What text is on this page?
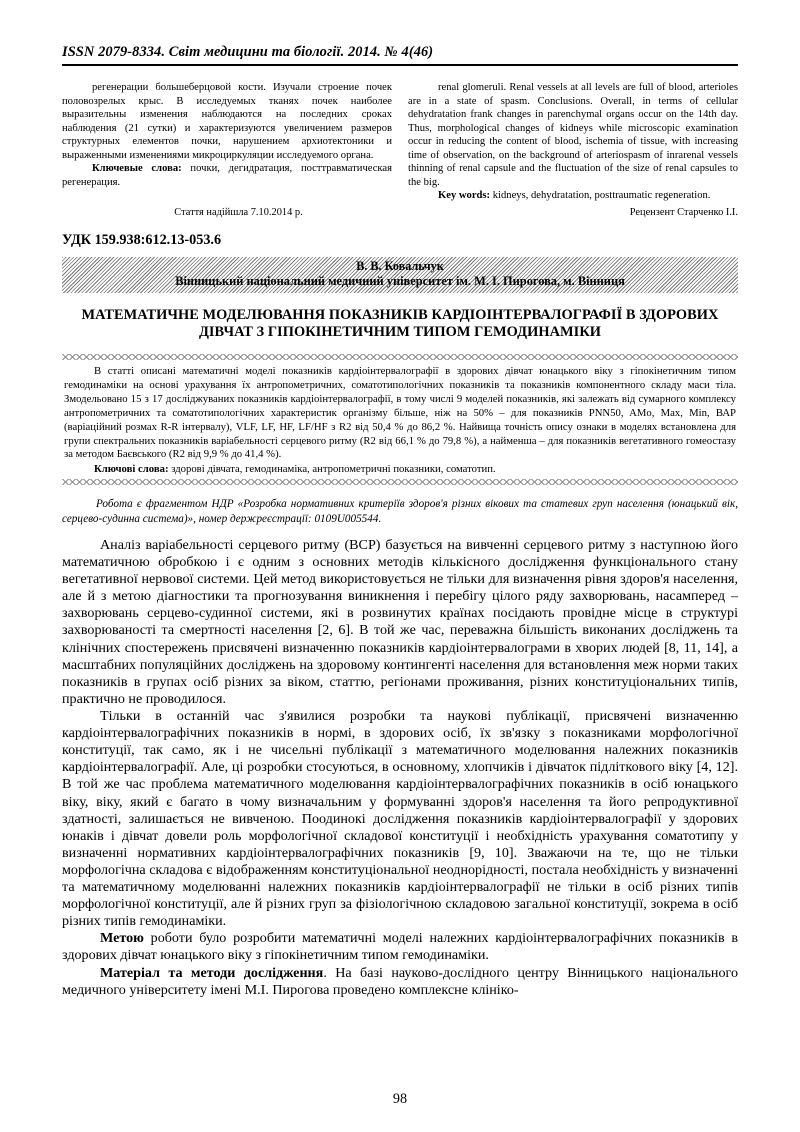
ISSN 2079-8334. Світ медицини та біології. 2014. № 4(46)

регенерации большеберцовой кости. Изучали строение почек половозрелых крыс. В исследуемых тканях почек наиболее выразительны изменения наблюдаются на последних сроках наблюдения (21 сутки) и характеризуются увеличением размеров структурных елементов почки, нарушением архиотектоники и выраженными изменениями микроциркуляции исследуемого органа.

Ключевые слова: почки, дегидратация, посттравматическая регенерация.

renal glomeruli. Renal vessels at all levels are full of blood, arterioles are in a state of spasm. Conclusions. Overall, in terms of cellular dehydratation frank changes in parenchymal organs occur on the 14th day. Thus, morphological changes of kidneys while microscopic examination occur in reducing the content of blood, ischemia of tissue, with increasing time of observation, on the background of arteriospasm of inrarenal vessels thinning of renal capsule and the fluctuation of the size of renal capsules to the big.

Key words: kidneys, dehydratation, posttraumatic regeneration.

Стаття надійшла 7.10.2014 р.	Рецензент Старченко І.І.
УДК 159.938:612.13-053.6
В. В. Ковальчук
Вінницький національний медичний університет ім. М. І. Пирогова, м. Вінниця
МАТЕМАТИЧНЕ МОДЕЛЮВАННЯ ПОКАЗНИКІВ КАРДІОІНТЕРВАЛОГРАФІЇ В ЗДОРОВИХ ДІВЧАТ З ГІПОКІНЕТИЧНИМ ТИПОМ ГЕМОДИНАМІКИ

В статті описані математичні моделі показників кардіоінтервалографії в здорових дівчат юнацького віку з гіпокінетичним типом гемодинаміки на основі урахування їх антропометричних, соматотипологічних показників та показників компонентного складу маси тіла. Змодельовано 15 з 17 досліджуваних показників кардіоінтервалографії, в тому числі 9 моделей показників, які залежать від сумарного комплексу антропометричних та соматотипологічних характеристик організму більше, ніж на 50% – для показників PNN50, AMo, Max, Min, ВАР (варіаційний розмах R-R інтервалу), VLF, LF, HF, LF/HF з R2 від 50,4 % до 86,2 %. Найвища точність опису ознаки в моделях встановлена для групи спектральних показників варіабельності серцевого ритму (R2 від 66,1 % до 79,8 %), а найменша – для показників вегетативного гомеостазу за методом Баєвського (R2 від 9,9 % до 41,4 %).

Ключові слова: здорові дівчата, гемодинаміка, антропометричні показники, соматотип.

Робота є фрагментом НДР «Розробка нормативних критеріїв здоров'я різних вікових та статевих груп населення (юнацький вік, серцево-судинна система)», номер держреєстрації: 0109U005544.

Аналіз варіабельності серцевого ритму (ВСР) базується на вивченні серцевого ритму з наступною його математичною обробкою і є одним з основних методів кількісного дослідження функціонального стану вегетативної нервової системи. Цей метод використовується не тільки для визначення рівня здоров'я населення, але й з метою діагностики та прогнозування виникнення і перебігу цілого ряду захворювань, насамперед – захворювань серцево-судинної системи, які в розвинутих країнах посідають провідне місце в структурі захворюваності та смертності населення [2, 6]. В той же час, переважна більшість виконаних досліджень та клінічних спостережень присвячені визначенню показників кардіоінтервалограми в хворих людей [8, 11, 14], а масштабних популяційних досліджень на здоровому контингенті населення для встановлення меж норми таких показників в групах осіб різних за віком, статтю, регіонами проживання, різних конституціональних типів, практично не проводилося.

Тільки в останній час з'явилися розробки та наукові публікації, присвячені визначенню кардіоінтервалографічних показників в нормі, в здорових осіб, їх зв'язку з показниками морфологічної конституції, так само, як і не чисельні публікації з математичного моделювання належних показників кардіоінтервалографії. Але, ці розробки стосуються, в основному, хлопчиків і дівчаток підліткового віку [4, 12]. В той же час проблема математичного моделювання кардіоінтервалографічних показників в осіб юнацького віку, віку, який є багато в чому визначальним у формуванні здоров'я населення та його репродуктивної здатності, залишається не вивченою. Поодинокі дослідження показників кардіоінтервалографії у здорових юнаків і дівчат довели роль морфологічної складової конституції і необхідність урахування соматотипу у визначенні нормативних кардіоінтервалографічних показників [9, 10]. Зважаючи на те, що не тільки морфологічна складова є відображенням конституціональної неоднорідності, постала необхідність у визначенні та математичному моделюванні належних показників кардіоінтервалографії не тільки в осіб різних типів морфологічної конституції, але й різних груп за фізіологічною складовою загальної конституції, зокрема в осіб різних типів гемодинаміки.

Метою роботи було розробити математичні моделі належних кардіоінтервалографічних показників в здорових дівчат юнацького віку з гіпокінетичним типом гемодинаміки.

Матеріал та методи дослідження. На базі науково-дослідного центру Вінницького національного медичного університету імені М.І. Пирогова проведено комплексне клініко-

98
